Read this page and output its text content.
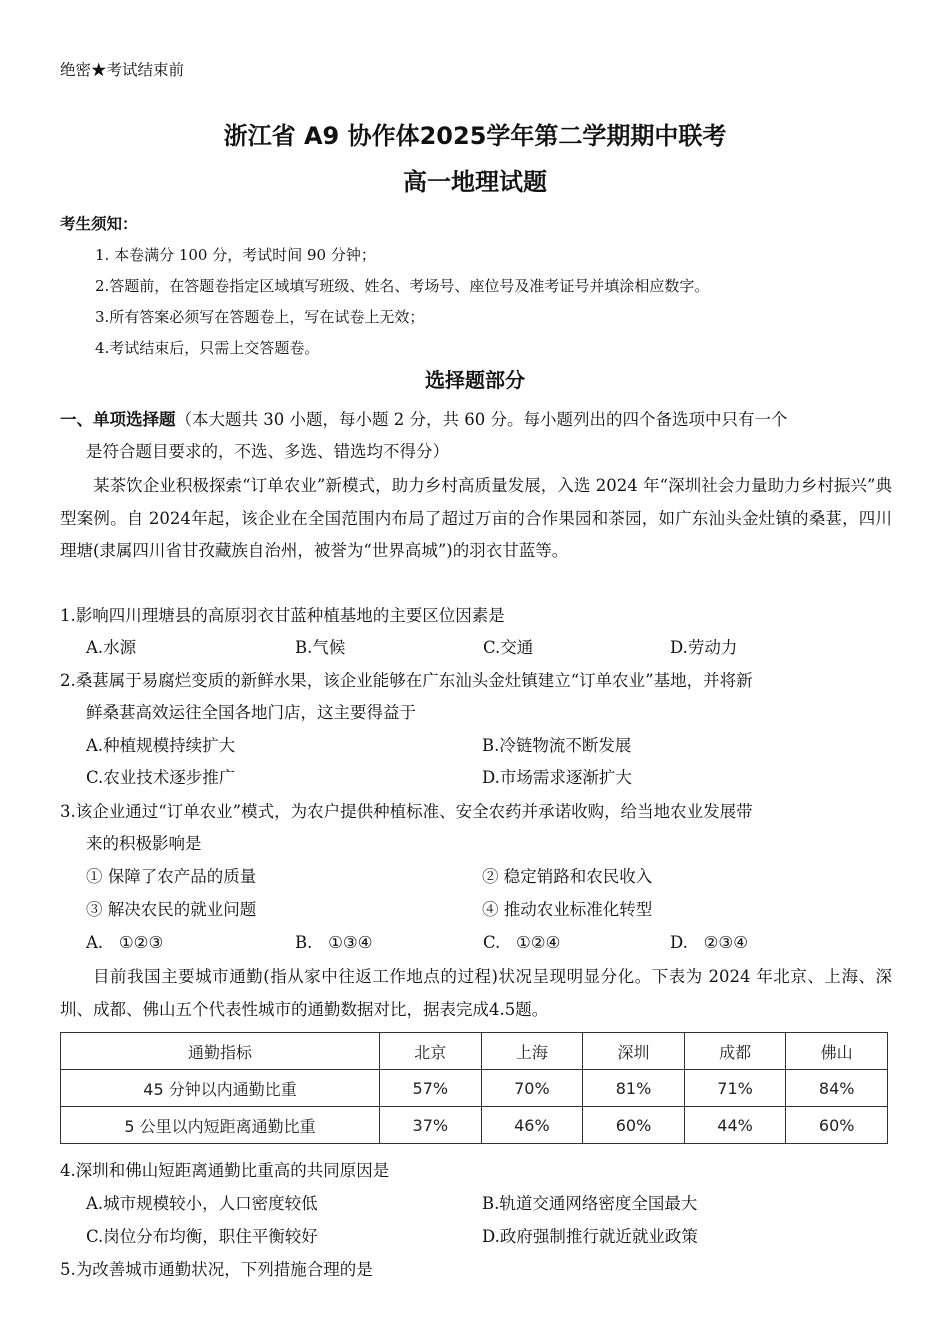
绝密★考试结束前
浙江省 A9 协作体2025学年第二学期期中联考
高一地理试题
考生须知：
1. 本卷满分 100 分，考试时间 90 分钟；
2.答题前，在答题卷指定区域填写班级、姓名、考场号、座位号及准考证号并填涂相应数字。
3.所有答案必须写在答题卷上，写在试卷上无效；
4.考试结束后，只需上交答题卷。
选择题部分
一、单项选择题（本大题共 30 小题，每小题 2 分，共 60 分。每小题列出的四个备选项中只有一个
是符合题目要求的，不选、多选、错选均不得分）
某茶饮企业积极探索“订单农业”新模式，助力乡村高质量发展，入选 2024 年“深圳社会力量助力乡村振兴”典型案例。自 2024年起，该企业在全国范围内布局了超过万亩的合作果园和茶园，如广东汕头金灶镇的桑葚，四川理塘(隶属四川省甘孜藏族自治州，被誉为“世界高城”)的羽衣甘蓝等。
1.影响四川理塘县的高原羽衣甘蓝种植基地的主要区位因素是
A.水源	B.气候	C.交通	D.劳动力
2.桑葚属于易腐烂变质的新鲜水果，该企业能够在广东汕头金灶镇建立“订单农业”基地，并将新
鲜桑葚高效运往全国各地门店，这主要得益于
A.种植规模持续扩大	B.冷链物流不断发展
C.农业技术逐步推广	D.市场需求逐渐扩大
3.该企业通过“订单农业”模式，为农户提供种植标准、安全农药并承诺收购，给当地农业发展带
来的积极影响是
① 保障了农产品的质量	② 稳定销路和农民收入
③ 解决农民的就业问题	④ 推动农业标准化转型
A.   ①②③	B.   ①③④	C.   ①②④	D.   ②③④
目前我国主要城市通勤(指从家中往返工作地点的过程)状况呈现明显分化。下表为 2024 年北京、上海、深圳、成都、佛山五个代表性城市的通勤数据对比，据表完成4.5题。
通勤指标	北京	上海	深圳	成都	佛山
45 分钟以内通勤比重	57%	70%	81%	71%	84%
5 公里以内短距离通勤比重	37%	46%	60%	44%	60%
4.深圳和佛山短距离通勤比重高的共同原因是
A.城市规模较小，人口密度较低	B.轨道交通网络密度全国最大
C.岗位分布均衡，职住平衡较好	D.政府强制推行就近就业政策
5.为改善城市通勤状况，下列措施合理的是
